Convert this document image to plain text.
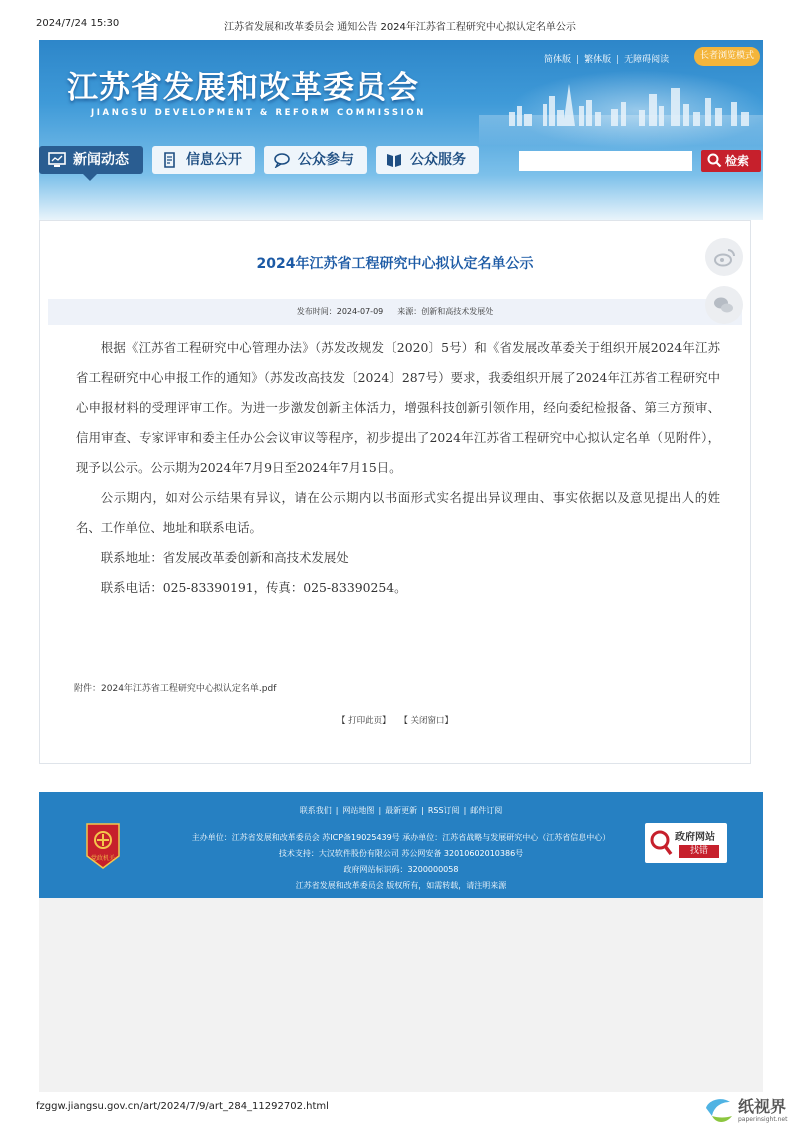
2024/7/24 15:30	江苏省发展和改革委员会 通知公告 2024年江苏省工程研究中心拟认定名单公示
江苏省发展和改革委员会
JIANGSU DEVELOPMENT & REFORM COMMISSION
简体版 | 繁体版 | 无障碍阅读	长者浏览模式
新闻动态	信息公开	公众参与	公众服务	检索
2024年江苏省工程研究中心拟认定名单公示
发布时间：2024-07-09 来源：创新和高技术发展处

根据《江苏省工程研究中心管理办法》（苏发改规发〔2020〕5号）和《省发展改革委关于组织开展2024年江苏省工程研究中心申报工作的通知》（苏发改高技发〔2024〕287号）要求，我委组织开展了2024年江苏省工程研究中心申报材料的受理评审工作。为进一步激发创新主体活力，增强科技创新引领作用，经向委纪检报备、第三方预审、信用审查、专家评审和委主任办公会议审议等程序，初步提出了2024年江苏省工程研究中心拟认定名单（见附件），现予以公示。公示期为2024年7月9日至2024年7月15日。

公示期内，如对公示结果有异议，请在公示期内以书面形式实名提出异议理由、事实依据以及意见提出人的姓名、工作单位、地址和联系电话。

联系地址：省发展改革委创新和高技术发展处

联系电话：025-83390191，传真：025-83390254。

附件：2024年江苏省工程研究中心拟认定名单.pdf
【 打印此页】 【 关闭窗口】
联系我们 | 网站地图 | 最新更新 | RSS订阅 | 邮件订阅
主办单位：江苏省发展和改革委员会 苏ICP备19025439号 承办单位：江苏省战略与发展研究中心（江苏省信息中心）
技术支持：大汉软件股份有限公司 苏公网安备 32010602010386号
政府网站标识码：3200000058
江苏省发展和改革委员会 版权所有，如需转载，请注明来源
党政机关
政府网站
找错
fzggw.jiangsu.gov.cn/art/2024/7/9/art_284_11292702.html	纸视界
paperinsight.net
